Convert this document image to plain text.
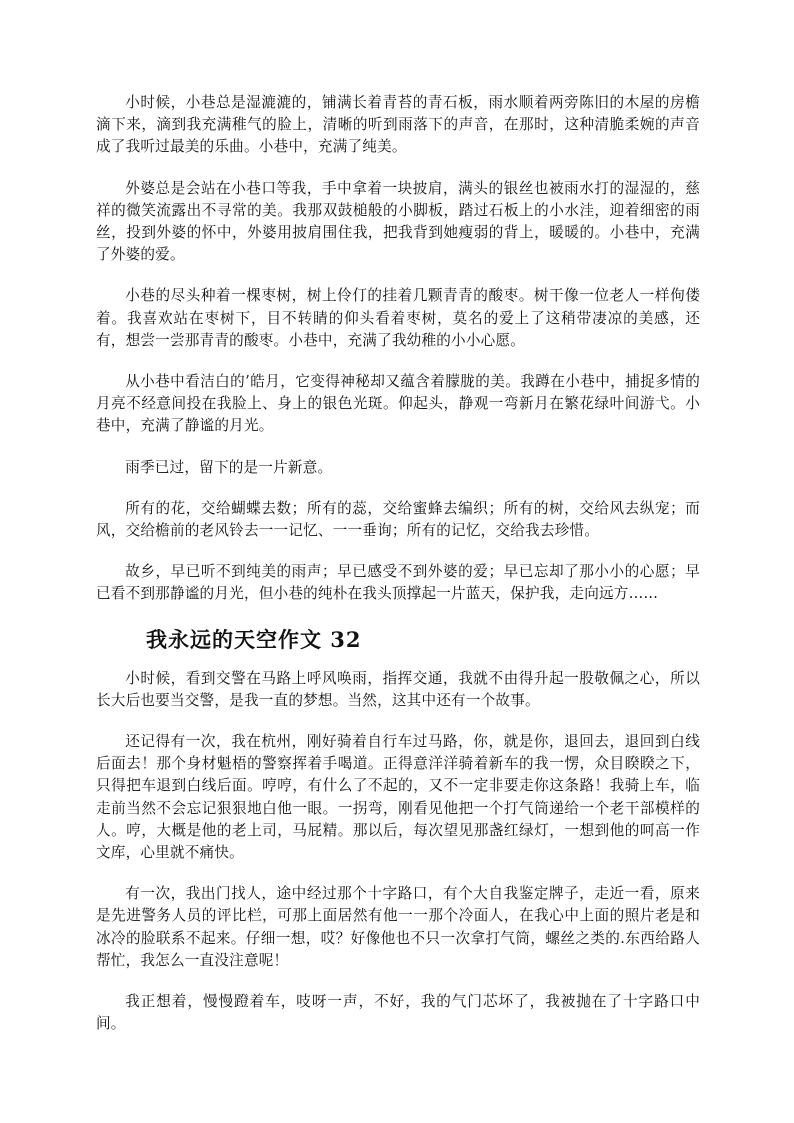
小时候，小巷总是湿漉漉的，铺满长着青苔的青石板，雨水顺着两旁陈旧的木屋的房檐滴下来，滴到我充满稚气的脸上，清晰的听到雨落下的声音，在那时，这种清脆柔婉的声音成了我听过最美的乐曲。小巷中，充满了纯美。

外婆总是会站在小巷口等我，手中拿着一块披肩，满头的银丝也被雨水打的湿湿的，慈祥的微笑流露出不寻常的美。我那双鼓槌般的小脚板，踏过石板上的小水洼，迎着细密的雨丝，投到外婆的怀中，外婆用披肩围住我，把我背到她瘦弱的背上，暖暖的。小巷中，充满了外婆的爱。

小巷的尽头种着一棵枣树，树上伶仃的挂着几颗青青的酸枣。树干像一位老人一样佝偻着。我喜欢站在枣树下，目不转睛的仰头看着枣树，莫名的爱上了这稍带凄凉的美感，还有，想尝一尝那青青的酸枣。小巷中，充满了我幼稚的小小心愿。

从小巷中看洁白的’皓月，它变得神秘却又蕴含着朦胧的美。我蹲在小巷中，捕捉多情的月亮不经意间投在我脸上、身上的银色光斑。仰起头，静观一弯新月在繁花绿叶间游弋。小巷中，充满了静谧的月光。

雨季已过，留下的是一片新意。

所有的花，交给蝴蝶去数；所有的蕊，交给蜜蜂去编织；所有的树，交给风去纵宠；而风，交给檐前的老风铃去一一记忆、一一垂询；所有的记忆，交给我去珍惜。

故乡，早已听不到纯美的雨声；早已感受不到外婆的爱；早已忘却了那小小的心愿；早已看不到那静谧的月光，但小巷的纯朴在我头顶撑起一片蓝天，保护我，走向远方……

我永远的天空作文 32

小时候，看到交警在马路上呼风唤雨，指挥交通，我就不由得升起一股敬佩之心，所以长大后也要当交警，是我一直的梦想。当然，这其中还有一个故事。

还记得有一次，我在杭州，刚好骑着自行车过马路，你，就是你，退回去，退回到白线后面去！那个身材魁梧的警察挥着手喝道。正得意洋洋骑着新车的我一愣，众目睽睽之下，只得把车退到白线后面。哼哼，有什么了不起的，又不一定非要走你这条路！我骑上车，临走前当然不会忘记狠狠地白他一眼。一拐弯，刚看见他把一个打气筒递给一个老干部模样的人。哼，大概是他的老上司，马屁精。那以后，每次望见那盏红绿灯，一想到他的呵高一作文库，心里就不痛快。

有一次，我出门找人，途中经过那个十字路口，有个大自我鉴定牌子，走近一看，原来是先进警务人员的评比栏，可那上面居然有他一一那个冷面人，在我心中上面的照片老是和冰冷的脸联系不起来。仔细一想，哎？好像他也不只一次拿打气筒，螺丝之类的.东西给路人帮忙，我怎么一直没注意呢！

我正想着，慢慢蹬着车，吱呀一声，不好，我的气门芯坏了，我被抛在了十字路口中间。
